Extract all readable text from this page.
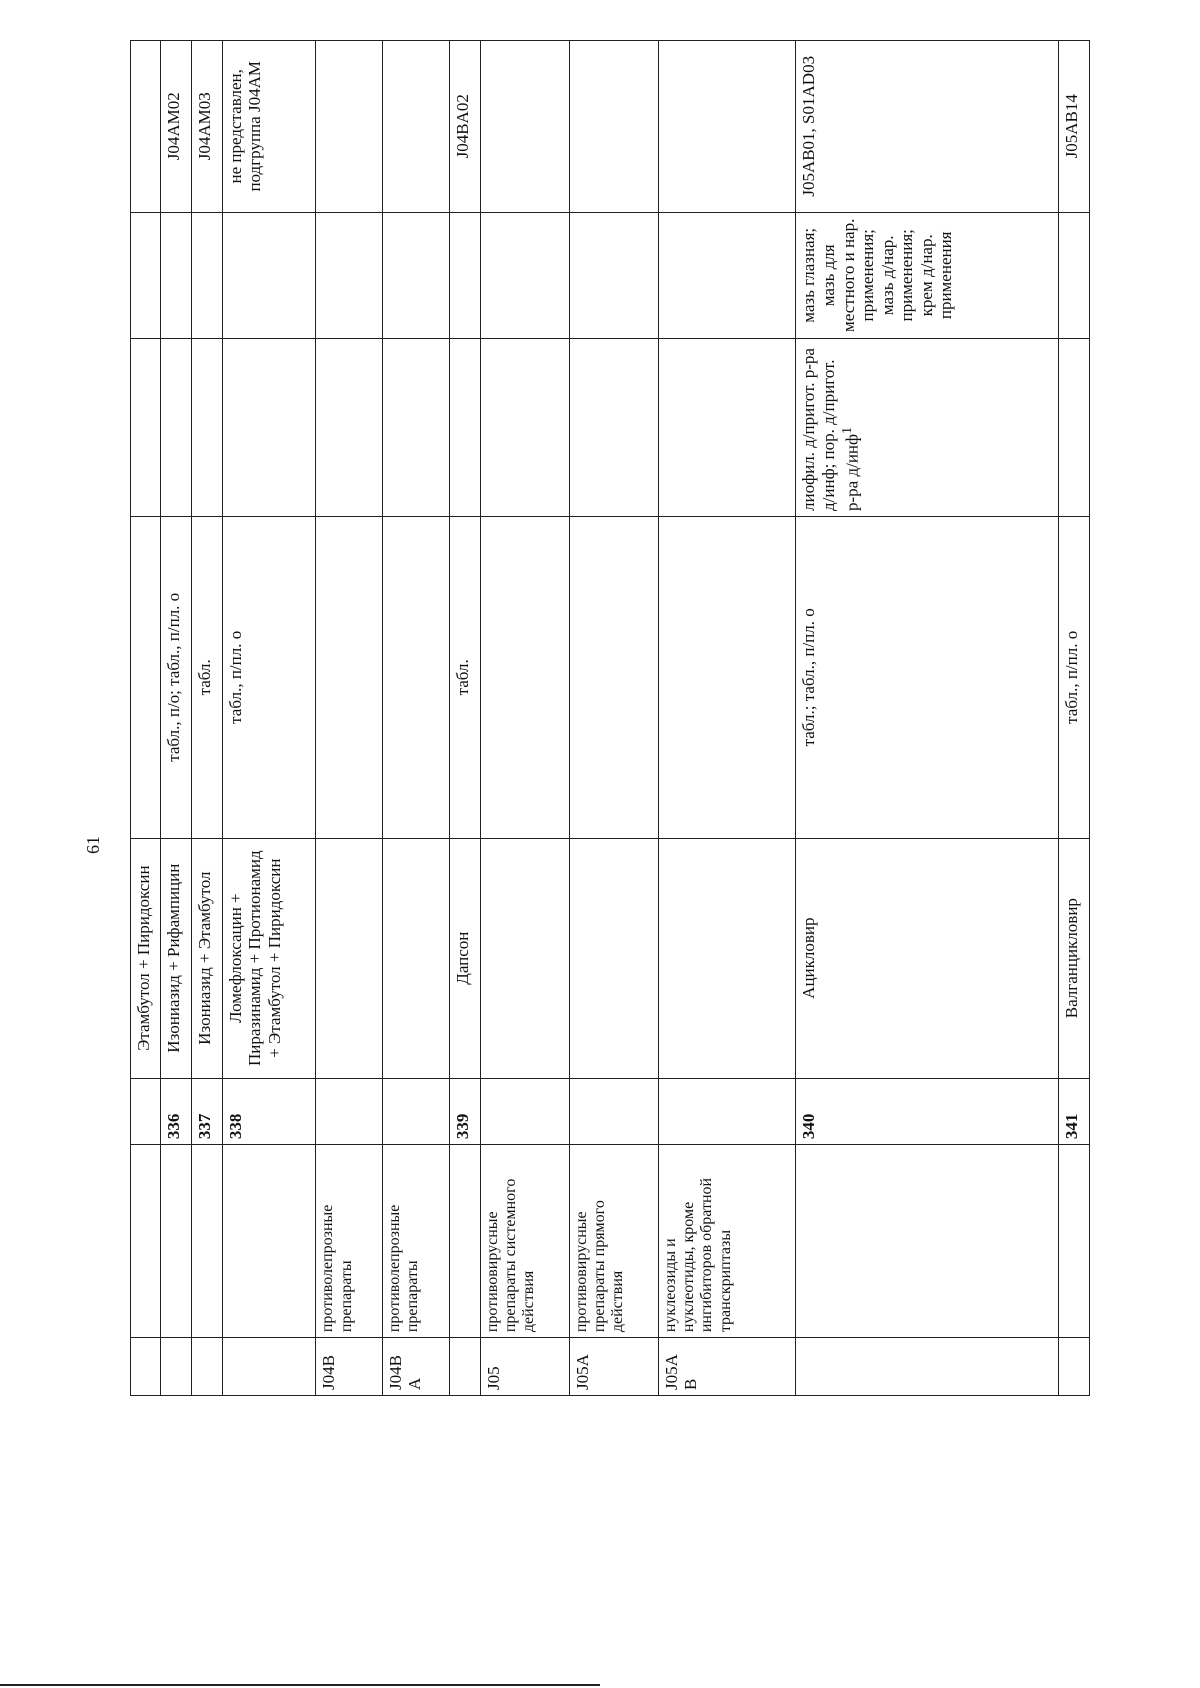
61
			Этамбутол + Пиридоксин				
		336	Изониазид + Рифампицин	табл., п/о; табл., п/пл. о			J04AM02
		337	Изониазид + Этамбутол	табл.			J04AM03
		338	Ломефлоксацин + Пиразинамид + Протионамид + Этамбутол + Пиридоксин	табл., п/пл. о			не представлен, подгруппа J04AM
J04B	противолепрозные препараты						
J04BA	противолепрозные препараты						
		339	Дапсон	табл.			J04BA02
J05	противовирусные препараты системного действия						
J05A	противовирусные препараты прямого действия						
J05AB	нуклеозиды и нуклеотиды, кроме ингибиторов обратной транскриптазы						
		340	Ацикловир	табл.; табл., п/пл. о	лиофил. д/пригот. р-ра д/инф; пор. д/пригот. р-ра д/инф$^1$	мазь глазная; мазь для местного и нар. применения; мазь д/нар. применения; крем д/нар. применения	J05AB01, S01AD03
		341	Валганцикловир	табл., п/пл. о			J05AB14
